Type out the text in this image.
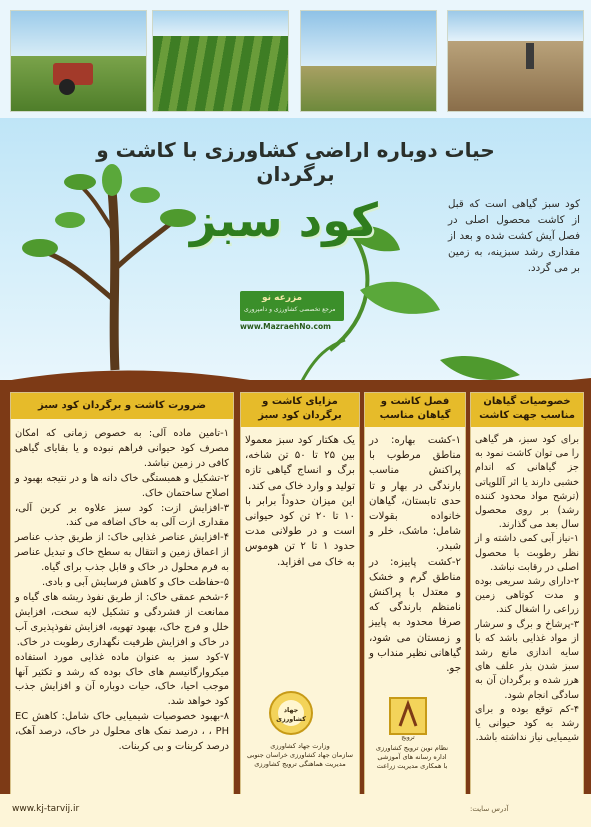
حیات دوباره اراضی کشاورزی با کاشت و برگردان
کود سبز	کود سبز گیاهی است که قبل از کاشت محصول اصلی در فصل آیش کشت شده و بعد از مقداری رشد سبزینه، به زمین بر می گردد.
مزرعه نو
مرجع تخصصی کشاورزی و دامپروری
www.MazraehNo.com
ضرورت کاشت و برگردان کود سبز
۱-تامین ماده آلی: به خصوص زمانی که امکان مصرف کود حیوانی فراهم نبوده و یا بقایای گیاهی کافی در زمین نباشد.
۲-تشکیل و همبستگی خاک دانه ها و در نتیجه بهبود و اصلاح ساختمان خاک.
۳-افزایش ازت: کود سبز علاوه بر کربن آلی، مقداری ازت آلی به خاک اضافه می کند.
۴-افزایش عناصر غذایی خاک: از طریق جذب عناصر از اعماق زمین و انتقال به سطح خاک و تبدیل عناصر به فرم محلول در خاک و قابل جذب برای گیاه.
۵-حفاظت خاک و کاهش فرسایش آبی و بادی.
۶-شخم عمقی خاک: از طریق نفوذ ریشه های گیاه و ممانعت از فشردگی و تشکیل لایه سخت، افزایش خلل و فرج خاک، بهبود تهویه، افزایش نفوذپذیری آب در خاک و افزایش ظرفیت نگهداری رطوبت در خاک.
۷-کود سبز به عنوان ماده غذایی مورد استفاده میکروارگانیسم های خاک بوده که رشد و تکثیر آنها موجب احیا، خاک، حیات دوباره آن و افزایش جذب کود خواهد شد.
۸-بهبود خصوصیات شیمیایی خاک شامل: کاهش EC ، PH ، درصد نمک های محلول در خاک، درصد آهک، درصد کربنات و بی کربنات.
مزایای کاشت و برگردان کود سبز
یک هکتار کود سبز معمولا بین ۲۵ تا ۵۰ تن شاخه، برگ و انساج گیاهی تازه تولید و وارد خاک می کند.
این میزان حدوداً برابر با ۱۰ تا ۲۰ تن کود حیوانی است و در طولانی مدت حدود ۱ تا ۲ تن هوموس به خاک می افزاید.
فصل کاشت و گیاهان مناسب
۱-کشت بهاره: در مناطق مرطوب با پراکنش مناسب بارندگی در بهار و تا حدی تابستان، گیاهان خانواده بقولات شامل: ماشک، خلر و شبدر.
۲-کشت پاییزه: در مناطق گرم و خشک و معتدل با پراکنش نامنظم بارندگی که صرفا محدود به پاییز و زمستان می شود، گیاهانی نظیر منداب و جو.
خصوصیات گیاهان مناسب جهت کاشت
برای کود سبز، هر گیاهی را می توان کاشت نمود به جز گیاهانی که اندام خشبی دارند یا اثر آللوپاتی (ترشح مواد محدود کننده رشد) بر روی محصول سال بعد می گذارند.
۱-نیاز آبی کمی داشته و از نظر رطوبت با محصول اصلی در رقابت نباشد.
۲-دارای رشد سریعی بوده و مدت کوتاهی زمین زراعی را اشغال کند.
۳-پرشاخ و برگ و سرشار از مواد غذایی باشد که با سایه اندازی مانع رشد سبز شدن بذر علف های هرز شده و برگردان آن به سادگی انجام شود.
۴-کم توقع بوده و برای رشد به کود حیوانی یا شیمیایی نیاز نداشته باشد.
جهاد کشاورزی
وزارت جهاد کشاورزی
سازمان جهاد کشاورزی خراسان جنوبی
مدیریت هماهنگی ترویج کشاورزی
ترویج
نظام نوین ترویج کشاورزی
اداره رسانه های آموزشی
با همکاری مدیریت زراعت
www.kj-tarvij.ir	آدرس سایت:
